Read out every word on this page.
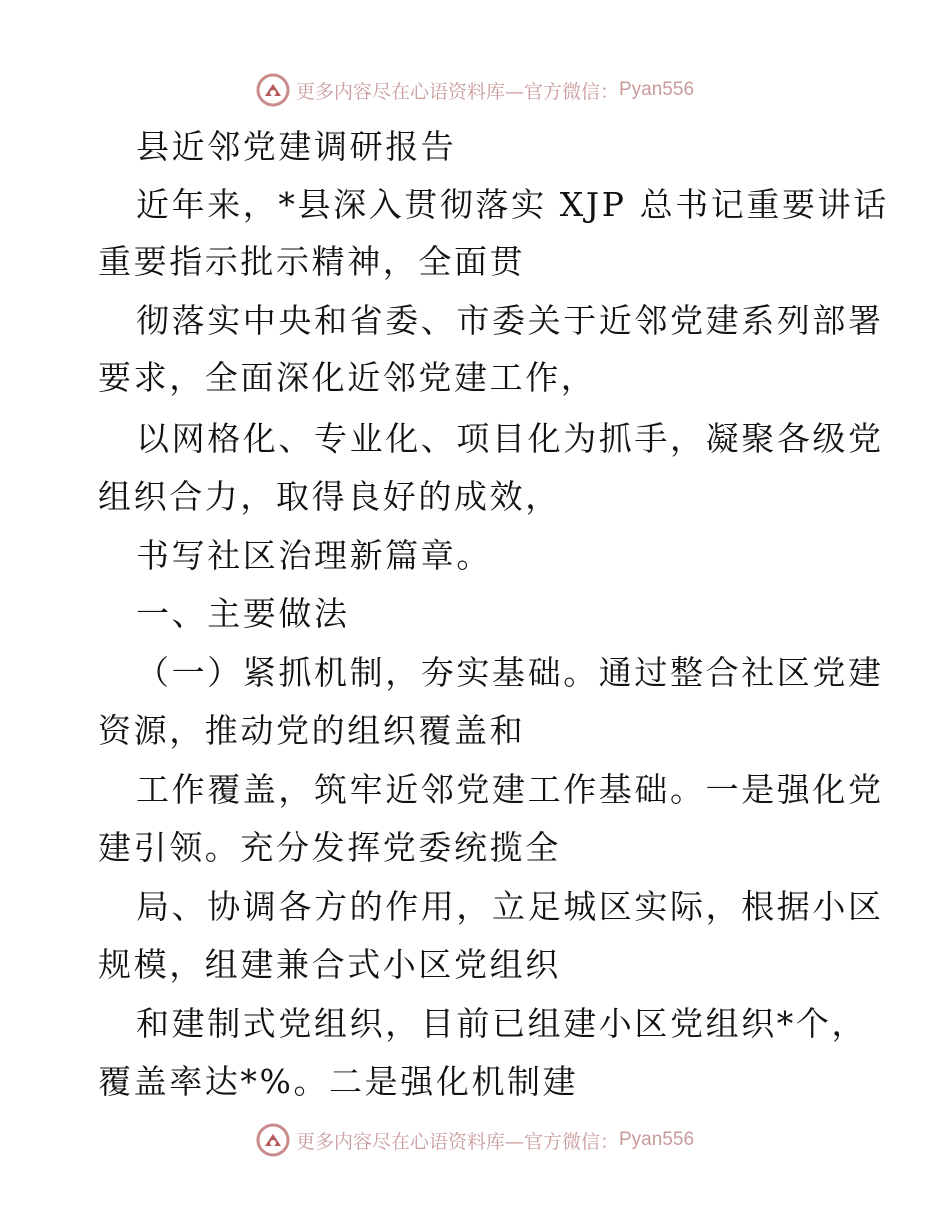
更多内容尽在心语资料库—官方微信： Pyan556
县近邻党建调研报告
近年来，*县深入贯彻落实 XJP 总书记重要讲话
重要指示批示精神，全面贯
彻落实中央和省委、市委关于近邻党建系列部署
要求，全面深化近邻党建工作，
以网格化、专业化、项目化为抓手，凝聚各级党
组织合力，取得良好的成效，
书写社区治理新篇章。
一、主要做法
（一）紧抓机制，夯实基础。通过整合社区党建
资源，推动党的组织覆盖和
工作覆盖，筑牢近邻党建工作基础。一是强化党
建引领。充分发挥党委统揽全
局、协调各方的作用，立足城区实际，根据小区
规模，组建兼合式小区党组织
和建制式党组织，目前已组建小区党组织*个，
覆盖率达*%。二是强化机制建
更多内容尽在心语资料库—官方微信： Pyan556
